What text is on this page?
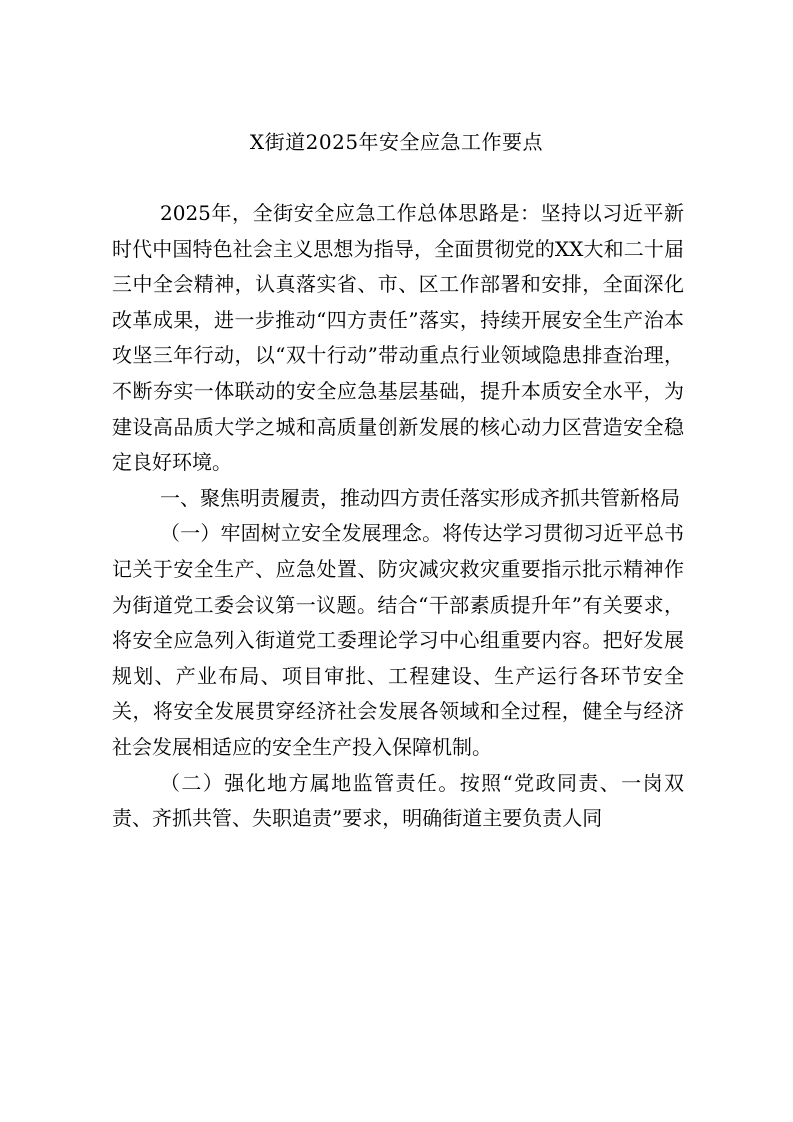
X街道2025年安全应急工作要点

2025年，全街安全应急工作总体思路是：坚持以习近平新时代中国特色社会主义思想为指导，全面贯彻党的XX大和二十届三中全会精神，认真落实省、市、区工作部署和安排，全面深化改革成果，进一步推动“四方责任”落实，持续开展安全生产治本攻坚三年行动，以“双十行动”带动重点行业领域隐患排查治理，不断夯实一体联动的安全应急基层基础，提升本质安全水平，为建设高品质大学之城和高质量创新发展的核心动力区营造安全稳定良好环境。

一、聚焦明责履责，推动四方责任落实形成齐抓共管新格局

（一）牢固树立安全发展理念。将传达学习贯彻习近平总书记关于安全生产、应急处置、防灾减灾救灾重要指示批示精神作为街道党工委会议第一议题。结合“干部素质提升年”有关要求，将安全应急列入街道党工委理论学习中心组重要内容。把好发展规划、产业布局、项目审批、工程建设、生产运行各环节安全关，将安全发展贯穿经济社会发展各领域和全过程，健全与经济社会发展相适应的安全生产投入保障机制。

（二）强化地方属地监管责任。按照“党政同责、一岗双责、齐抓共管、失职追责”要求，明确街道主要负责人同
